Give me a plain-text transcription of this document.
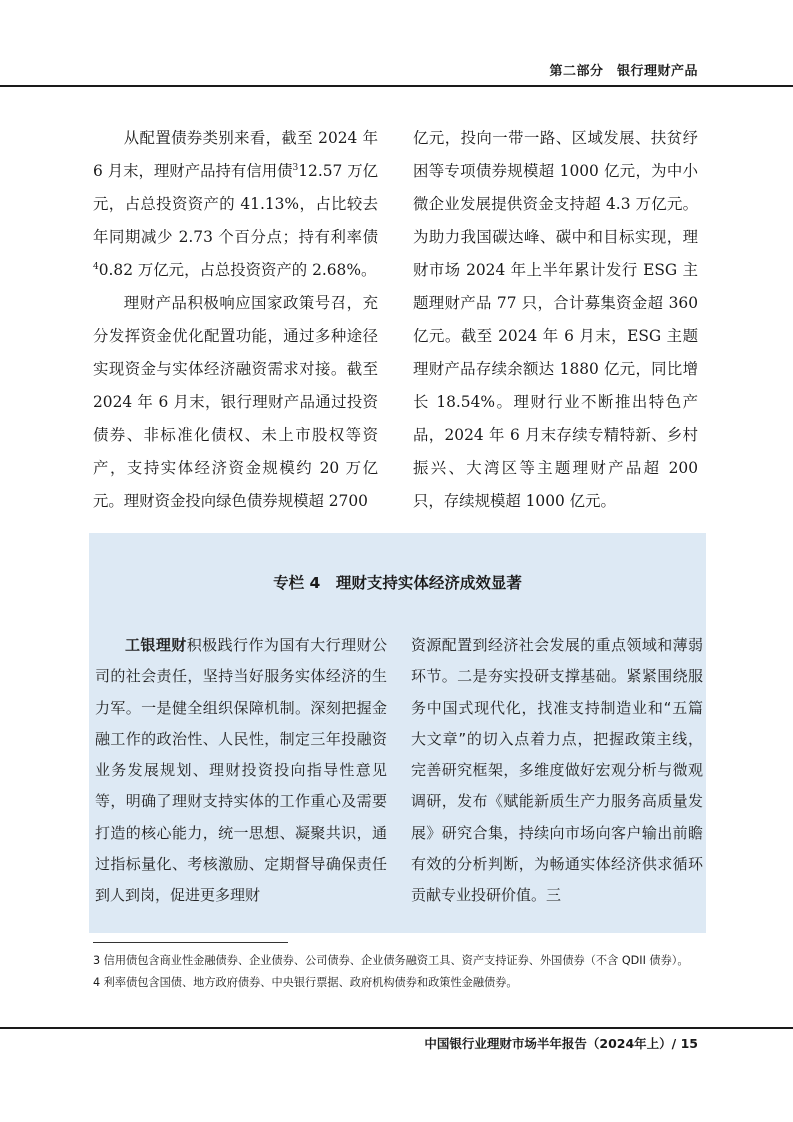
第二部分　银行理财产品

从配置债券类别来看，截至 2024 年 6 月末，理财产品持有信用债$^3$12.57 万亿元，占总投资资产的 41.13%，占比较去年同期减少 2.73 个百分点；持有利率债$^4$0.82 万亿元，占总投资资产的 2.68%。

理财产品积极响应国家政策号召，充分发挥资金优化配置功能，通过多种途径实现资金与实体经济融资需求对接。截至 2024 年 6 月末，银行理财产品通过投资债券、非标准化债权、未上市股权等资产，支持实体经济资金规模约 20 万亿元。理财资金投向绿色债券规模超 2700

亿元，投向一带一路、区域发展、扶贫纾困等专项债券规模超 1000 亿元，为中小微企业发展提供资金支持超 4.3 万亿元。为助力我国碳达峰、碳中和目标实现，理财市场 2024 年上半年累计发行 ESG 主题理财产品 77 只，合计募集资金超 360 亿元。截至 2024 年 6 月末，ESG 主题理财产品存续余额达 1880 亿元，同比增长 18.54%。理财行业不断推出特色产品，2024 年 6 月末存续专精特新、乡村振兴、大湾区等主题理财产品超 200 只，存续规模超 1000 亿元。

专栏 4　理财支持实体经济成效显著

工银理财积极践行作为国有大行理财公司的社会责任，坚持当好服务实体经济的生力军。一是健全组织保障机制。深刻把握金融工作的政治性、人民性，制定三年投融资业务发展规划、理财投资投向指导性意见等，明确了理财支持实体的工作重心及需要打造的核心能力，统一思想、凝聚共识，通过指标量化、考核激励、定期督导确保责任到人到岗，促进更多理财

资源配置到经济社会发展的重点领域和薄弱环节。二是夯实投研支撑基础。紧紧围绕服务中国式现代化，找准支持制造业和“五篇大文章”的切入点着力点，把握政策主线，完善研究框架，多维度做好宏观分析与微观调研，发布《赋能新质生产力服务高质量发展》研究合集，持续向市场向客户输出前瞻有效的分析判断，为畅通实体经济供求循环贡献专业投研价值。三

3 信用债包含商业性金融债券、企业债券、公司债券、企业债务融资工具、资产支持证券、外国债券（不含 QDII 债券）。

4 利率债包含国债、地方政府债券、中央银行票据、政府机构债券和政策性金融债券。

中国银行业理财市场半年报告（2024年上）/ 15
